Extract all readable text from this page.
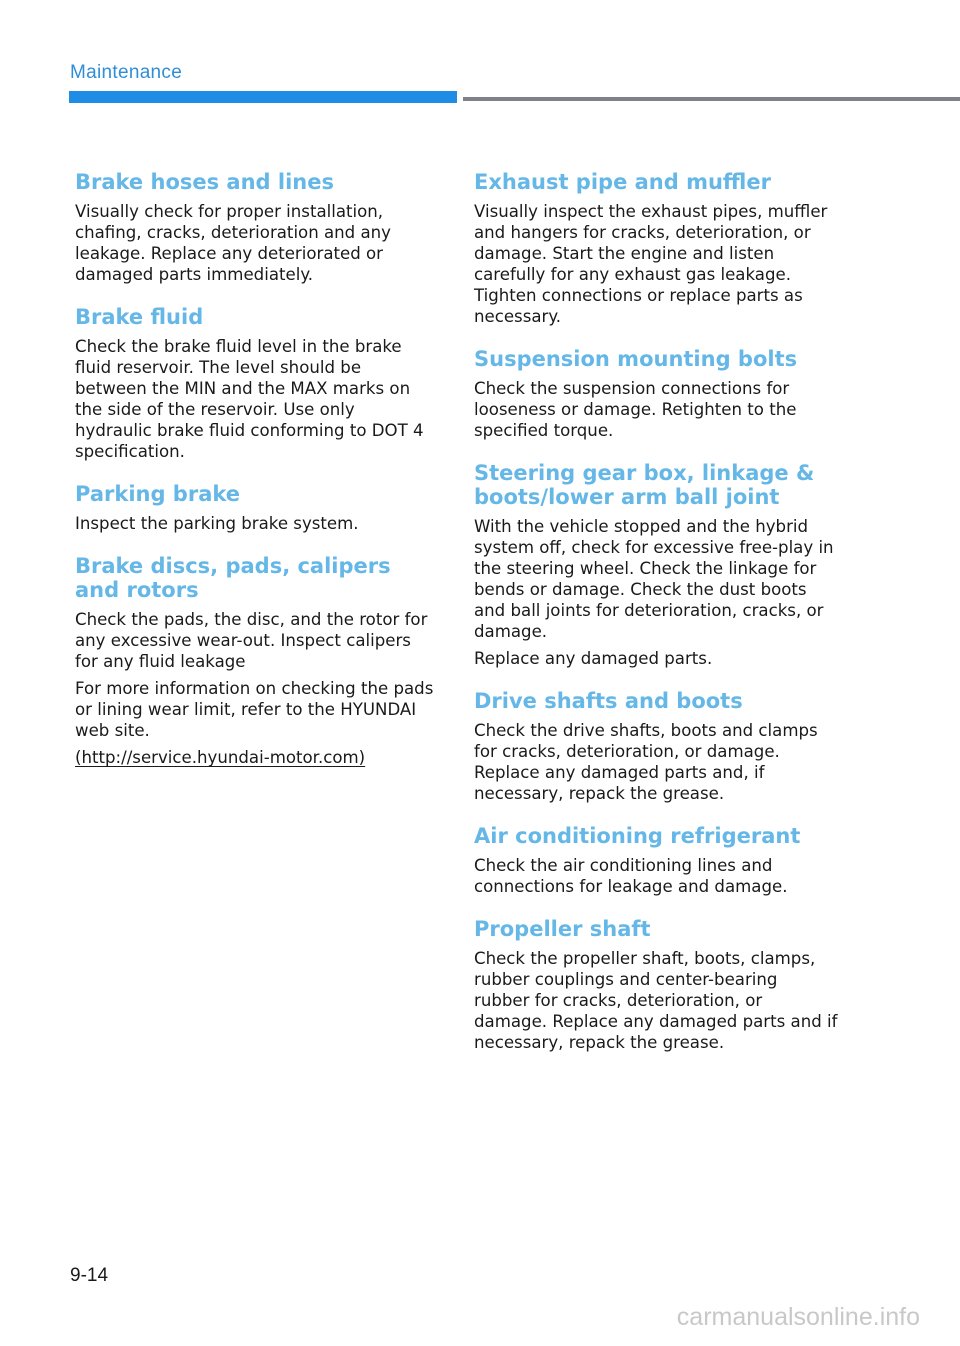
Maintenance
Brake hoses and lines

Visually check for proper installation, chafing, cracks, deterioration and any leakage. Replace any deteriorated or damaged parts immediately.

Brake fluid

Check the brake fluid level in the brake fluid reservoir. The level should be between the MIN and the MAX marks on the side of the reservoir. Use only hydraulic brake fluid conforming to DOT 4 specification.

Parking brake

Inspect the parking brake system.

Brake discs, pads, calipers and rotors

Check the pads, the disc, and the rotor for any excessive wear-out. Inspect calipers for any fluid leakage

For more information on checking the pads or lining wear limit, refer to the HYUNDAI web site.

(http://service.hyundai-motor.com)

Exhaust pipe and muffler

Visually inspect the exhaust pipes, muffler and hangers for cracks, deterioration, or damage. Start the engine and listen carefully for any exhaust gas leakage. Tighten connections or replace parts as necessary.

Suspension mounting bolts

Check the suspension connections for looseness or damage. Retighten to the specified torque.

Steering gear box, linkage & boots/lower arm ball joint

With the vehicle stopped and the hybrid system off, check for excessive free-play in the steering wheel. Check the linkage for bends or damage. Check the dust boots and ball joints for deterioration, cracks, or damage.

Replace any damaged parts.

Drive shafts and boots

Check the drive shafts, boots and clamps for cracks, deterioration, or damage. Replace any damaged parts and, if necessary, repack the grease.

Air conditioning refrigerant

Check the air conditioning lines and connections for leakage and damage.

Propeller shaft

Check the propeller shaft, boots, clamps, rubber couplings and center-bearing rubber for cracks, deterioration, or damage. Replace any damaged parts and if necessary, repack the grease.

9-14
carmanualsonline.info
